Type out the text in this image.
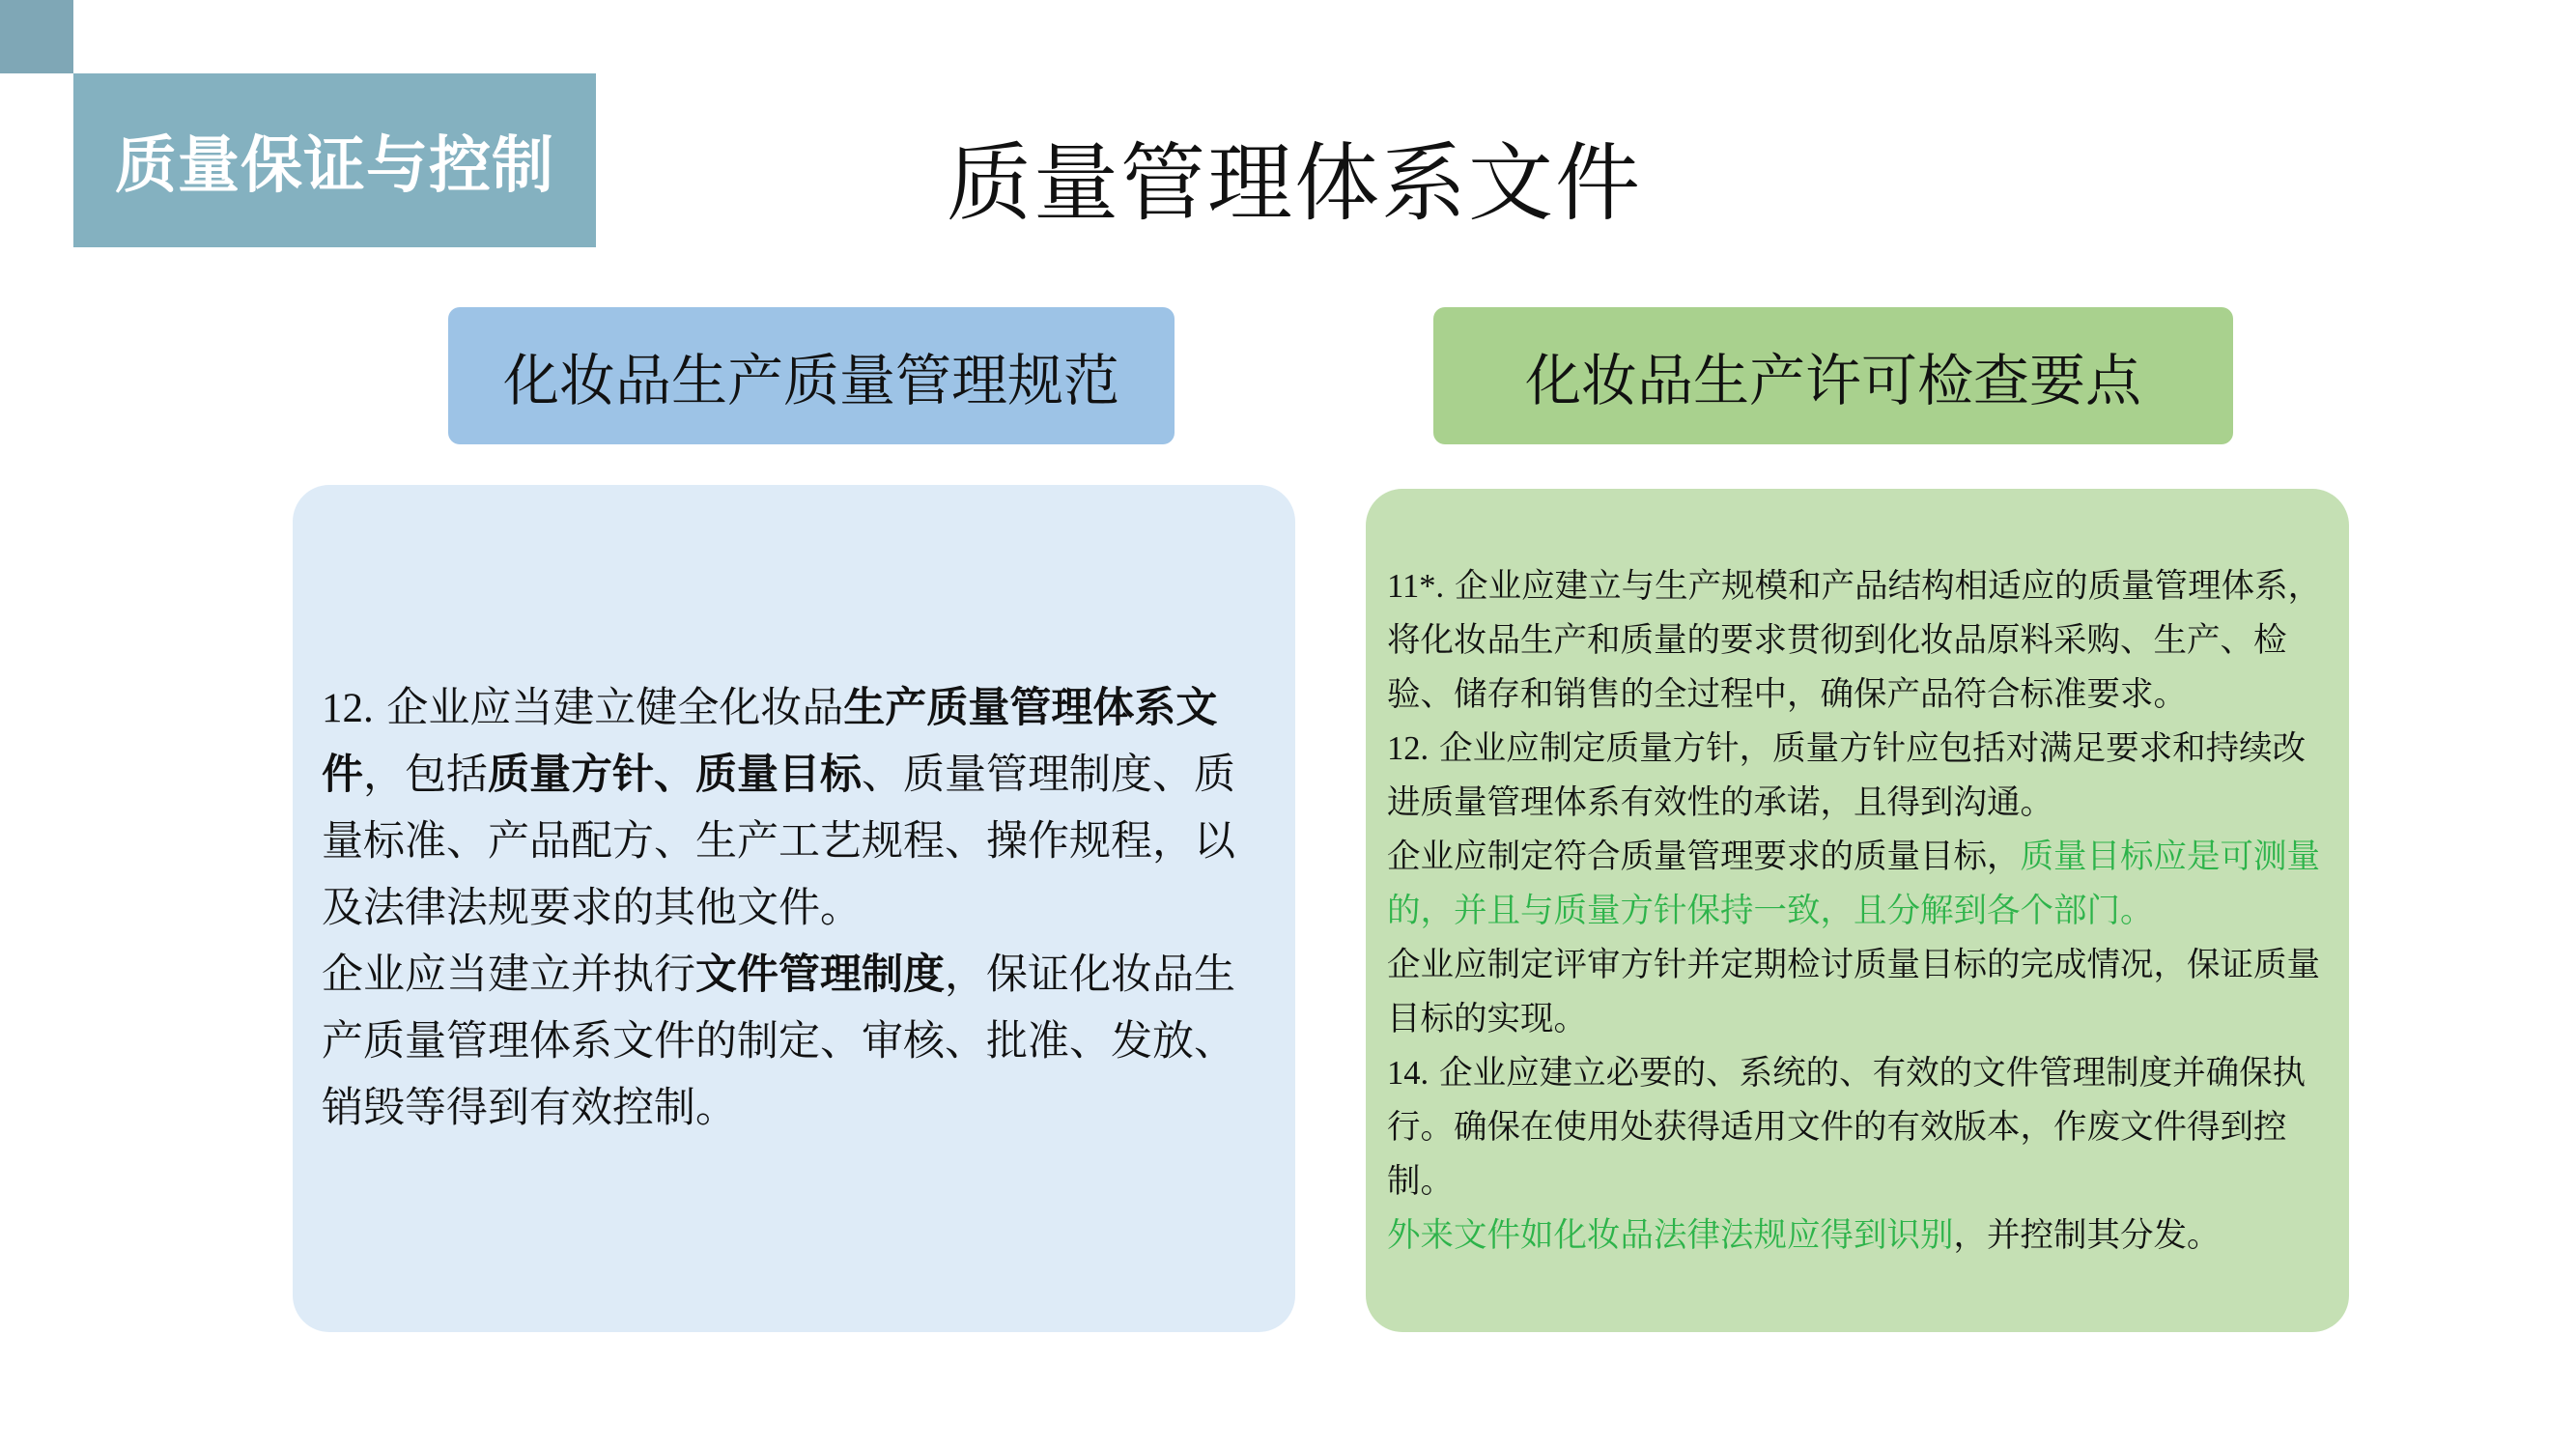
质量保证与控制	质量管理体系文件
化妆品生产质量管理规范	化妆品生产许可检查要点

12. 企业应当建立健全化妆品生产质量管理体系文件，包括质量方针、质量目标、质量管理制度、质量标准、产品配方、生产工艺规程、操作规程，以及法律法规要求的其他文件。

企业应当建立并执行文件管理制度，保证化妆品生产质量管理体系文件的制定、审核、批准、发放、销毁等得到有效控制。

11*. 企业应建立与生产规模和产品结构相适应的质量管理体系，将化妆品生产和质量的要求贯彻到化妆品原料采购、生产、检验、储存和销售的全过程中，确保产品符合标准要求。

12. 企业应制定质量方针，质量方针应包括对满足要求和持续改进质量管理体系有效性的承诺，且得到沟通。

企业应制定符合质量管理要求的质量目标，质量目标应是可测量的，并且与质量方针保持一致，且分解到各个部门。

企业应制定评审方针并定期检讨质量目标的完成情况，保证质量目标的实现。

14. 企业应建立必要的、系统的、有效的文件管理制度并确保执行。确保在使用处获得适用文件的有效版本，作废文件得到控制。

外来文件如化妆品法律法规应得到识别，并控制其分发。
